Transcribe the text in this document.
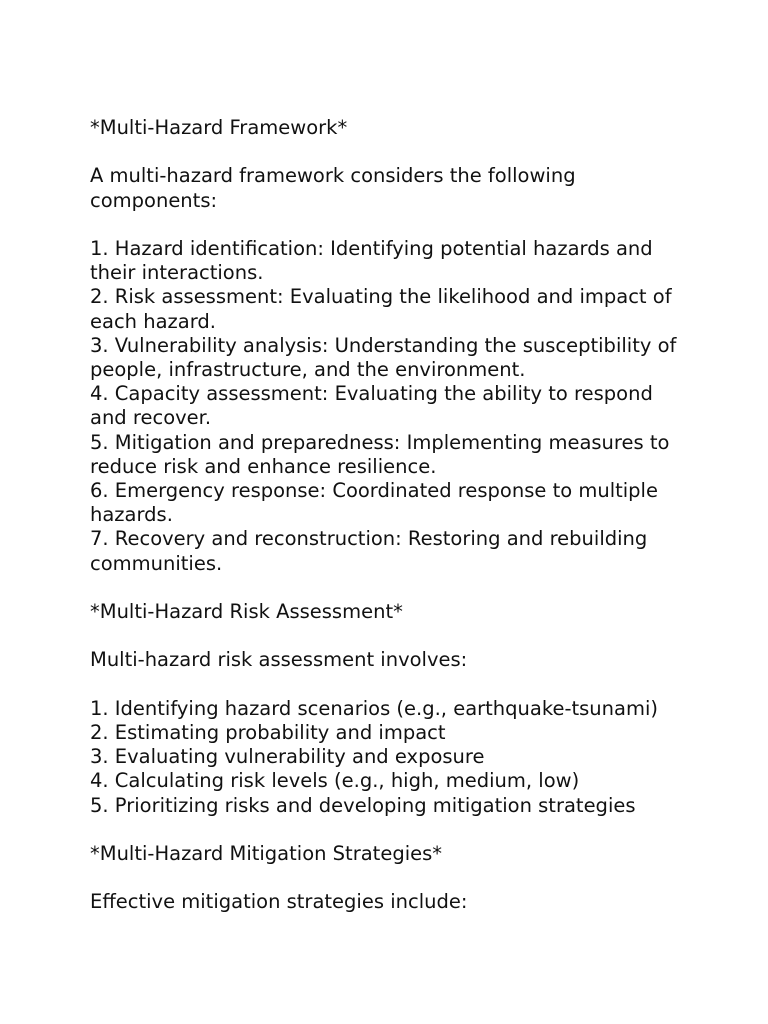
*Multi-Hazard Framework*

A multi-hazard framework considers the following components:

1. Hazard identification: Identifying potential hazards and their interactions.
2. Risk assessment: Evaluating the likelihood and impact of each hazard.
3. Vulnerability analysis: Understanding the susceptibility of people, infrastructure, and the environment.
4. Capacity assessment: Evaluating the ability to respond and recover.
5. Mitigation and preparedness: Implementing measures to reduce risk and enhance resilience.
6. Emergency response: Coordinated response to multiple hazards.
7. Recovery and reconstruction: Restoring and rebuilding communities.

*Multi-Hazard Risk Assessment*

Multi-hazard risk assessment involves:

1. Identifying hazard scenarios (e.g., earthquake-tsunami)
2. Estimating probability and impact
3. Evaluating vulnerability and exposure
4. Calculating risk levels (e.g., high, medium, low)
5. Prioritizing risks and developing mitigation strategies

*Multi-Hazard Mitigation Strategies*

Effective mitigation strategies include:
